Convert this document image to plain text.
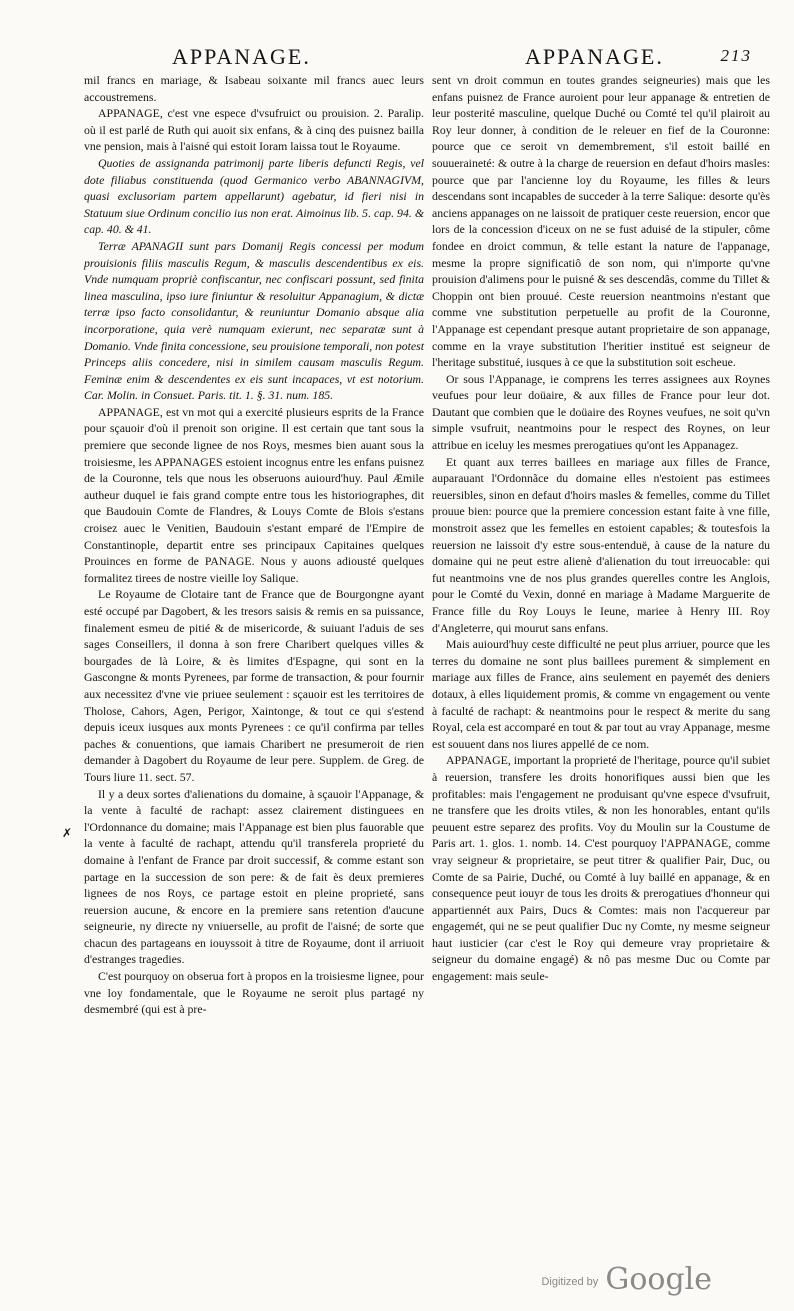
APPANAGE.	APPANAGE.	213

mil francs en mariage, & Isabeau soixante mil francs auec leurs accoustremens.

APPANAGE, c'est vne espece d'vsufruict ou prouision. 2. Paralip. où il est parlé de Ruth qui auoit six enfans, & à cinq des puisnez bailla vne pension, mais à l'aisné qui estoit Ioram laissa tout le Royaume.

Quoties de assignanda patrimonij parte liberis defuncti Regis, vel dote filiabus constituenda (quod Germanico verbo ABANNAGIVM, quasi exclusoriam partem appellarunt) agebatur, id fieri nisi in Statuum siue Ordinum concilio ius non erat. Aimoinus lib. 5. cap. 94. & cap. 40. & 41.

Terræ APANAGII sunt pars Domanij Regis concessi per modum prouisionis filiis masculis Regum, & masculis descendentibus ex eis. Vnde numquam propriè confiscantur, nec confiscari possunt, sed finita linea masculina, ipso iure finiuntur & resoluitur Appanagium, & dictæ terræ ipso facto consolidantur, & reuniuntur Domanio absque alia incorporatione, quia verè numquam exierunt, nec separatæ sunt à Domanio. Vnde finita concessione, seu prouisione temporali, non potest Princeps aliis concedere, nisi in similem causam masculis Regum. Feminæ enim & descendentes ex eis sunt incapaces, vt est notorium. Car. Molin. in Consuet. Paris. tit. 1. §. 31. num. 185.

APPANAGE, est vn mot qui a exercité plusieurs esprits de la France pour sçauoir d'où il prenoit son origine. Il est certain que tant sous la premiere que seconde lignee de nos Roys, mesmes bien auant sous la troisiesme, les APPANAGES estoient incognus entre les enfans puisnez de la Couronne, tels que nous les obseruons auiourd'huy. Paul Æmile autheur duquel ie fais grand compte entre tous les historiographes, dit que Baudouin Comte de Flandres, & Louys Comte de Blois s'estans croisez auec le Venitien, Baudouin s'estant emparé de l'Empire de Constantinople, departit entre ses principaux Capitaines quelques Prouinces en forme de PANAGE. Nous y auons adiousté quelques formalitez tirees de nostre vieille loy Salique.

Le Royaume de Clotaire tant de France que de Bourgongne ayant esté occupé par Dagobert, & les tresors saisis & remis en sa puissance, finalement esmeu de pitié & de misericorde, & suiuant l'aduis de ses sages Conseillers, il donna à son frere Charibert quelques villes & bourgades de là Loire, & ès limites d'Espagne, qui sont en la Gascongne & monts Pyrenees, par forme de transaction, & pour fournir aux necessitez d'vne vie priuee seulement : sçauoir est les territoires de Tholose, Cahors, Agen, Perigor, Xaintonge, & tout ce qui s'estend depuis iceux iusques aux monts Pyrenees : ce qu'il confirma par telles paches & conuentions, que iamais Charibert ne presumeroit de rien demander à Dagobert du Royaume de leur pere. Supplem. de Greg. de Tours liure 11. sect. 57.

Il y a deux sortes d'alienations du domaine, à sçauoir l'Appanage, & la vente à faculté de rachapt: assez clairement distinguees en l'Ordonnance du domaine; mais l'Appanage est bien plus fauorable que la vente à faculté de rachapt, attendu qu'il transferela proprieté du domaine à l'enfant de France par droit successif, & comme estant son partage en la succession de son pere: & de fait ès deux premieres lignees de nos Roys, ce partage estoit en pleine proprieté, sans reuersion aucune, & encore en la premiere sans retention d'aucune seigneurie, ny directe ny vniuerselle, au profit de l'aisné; de sorte que chacun des partageans en iouyssoit à titre de Royaume, dont il arriuoit d'estranges tragedies.

C'est pourquoy on obserua fort à propos en la troisiesme lignee, pour vne loy fondamentale, que le Royaume ne seroit plus partagé ny desmembré (qui est à pre-

sent vn droit commun en toutes grandes seigneuries) mais que les enfans puisnez de France auroient pour leur appanage & entretien de leur posterité masculine, quelque Duché ou Comté tel qu'il plairoit au Roy leur donner, à condition de le releuer en fief de la Couronne: pource que ce seroit vn demembrement, s'il estoit baillé en souueraineté: & outre à la charge de reuersion en defaut d'hoirs masles: pource que par l'ancienne loy du Royaume, les filles & leurs descendans sont incapables de succeder à la terre Salique: desorte qu'ès anciens appanages on ne laissoit de pratiquer ceste reuersion, encor que lors de la concession d'iceux on ne se fust aduisé de la stipuler, côme fondee en droict commun, & telle estant la nature de l'appanage, mesme la propre significatiô de son nom, qui n'importe qu'vne prouision d'alimens pour le puisné & ses descendâs, comme du Tillet & Choppin ont bien prouué. Ceste reuersion neantmoins n'estant que comme vne substitution perpetuelle au profit de la Couronne, l'Appanage est cependant presque autant proprietaire de son appanage, comme en la vraye substitution l'heritier institué est seigneur de l'heritage substitué, iusques à ce que la substitution soit escheue.

Or sous l'Appanage, ie comprens les terres assignees aux Roynes veufues pour leur doüaire, & aux filles de France pour leur dot. Dautant que combien que le doüaire des Roynes veufues, ne soit qu'vn simple vsufruit, neantmoins pour le respect des Roynes, on leur attribue en iceluy les mesmes prerogatiues qu'ont les Appanagez.

Et quant aux terres baillees en mariage aux filles de France, auparauant l'Ordonnãce du domaine elles n'estoient pas estimees reuersibles, sinon en defaut d'hoirs masles & femelles, comme du Tillet prouue bien: pource que la premiere concession estant faite à vne fille, monstroit assez que les femelles en estoient capables; & toutesfois la reuersion ne laissoit d'y estre sous-entenduë, à cause de la nature du domaine qui ne peut estre alienè d'alienation du tout irreuocable: qui fut neantmoins vne de nos plus grandes querelles contre les Anglois, pour le Comté du Vexin, donné en mariage à Madame Marguerite de France fille du Roy Louys le Ieune, mariee à Henry III. Roy d'Angleterre, qui mourut sans enfans.

Mais auiourd'huy ceste difficulté ne peut plus arriuer, pource que les terres du domaine ne sont plus baillees purement & simplement en mariage aux filles de France, ains seulement en payemét des deniers dotaux, à elles liquidement promis, & comme vn engagement ou vente à faculté de rachapt: & neantmoins pour le respect & merite du sang Royal, cela est accomparé en tout & par tout au vray Appanage, mesme est souuent dans nos liures appellé de ce nom.

APPANAGE, important la proprieté de l'heritage, pource qu'il subiet à reuersion, transfere les droits honorifiques aussi bien que les profitables: mais l'engagement ne produisant qu'vne espece d'vsufruit, ne transfere que les droits vtiles, & non les honorables, entant qu'ils peuuent estre separez des profits. Voy du Moulin sur la Coustume de Paris art. 1. glos. 1. nomb. 14. C'est pourquoy l'APPANAGE, comme vray seigneur & proprietaire, se peut titrer & qualifier Pair, Duc, ou Comte de sa Pairie, Duché, ou Comté à luy baillé en appanage, & en consequence peut iouyr de tous les droits & prerogatiues d'honneur qui appartiennét aux Pairs, Ducs & Comtes: mais non l'acquereur par engagemét, qui ne se peut qualifier Duc ny Comte, ny mesme seigneur haut iusticier (car c'est le Roy qui demeure vray proprietaire & seigneur du domaine engagé) & nô pas mesme Duc ou Comte par engagement: mais seule-

✗
Digitized by Google
